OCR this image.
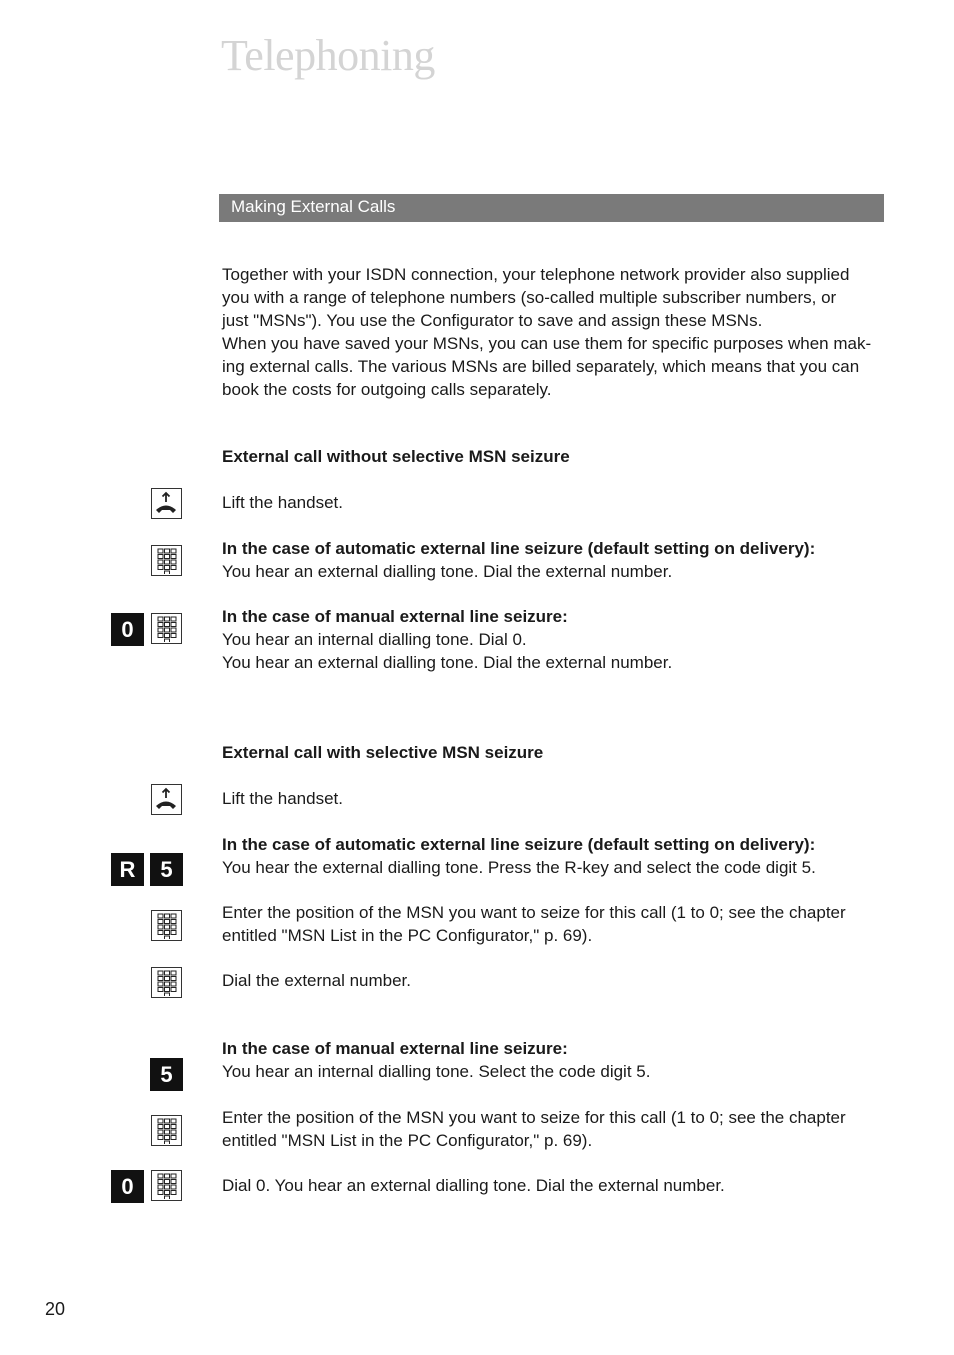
Telephoning
Making External Calls
Together with your ISDN connection, your telephone network provider also supplied
you with a range of telephone numbers (so-called multiple subscriber numbers, or
just "MSNs"). You use the Configurator to save and assign these MSNs.
When you have saved your MSNs, you can use them for specific purposes when mak-
ing external calls. The various MSNs are billed separately, which means that you can
book the costs for outgoing calls separately.
External call without selective MSN seizure
Lift the handset.
In the case of automatic external line seizure (default setting on delivery):
You hear an external dialling tone. Dial the external number.
0
In the case of manual external line seizure:
You hear an internal dialling tone. Dial 0.
You hear an external dialling tone. Dial the external number.
External call with selective MSN seizure
Lift the handset.
R	5
In the case of automatic external line seizure (default setting on delivery):
You hear the external dialling tone. Press the R-key and select the code digit 5.
Enter the position of the MSN you want to seize for this call (1 to 0; see the chapter
entitled "MSN List in the PC Configurator," p. 69).
Dial the external number.
5
In the case of manual external line seizure:
You hear an internal dialling tone. Select the code digit 5.
Enter the position of the MSN you want to seize for this call (1 to 0; see the chapter
entitled "MSN List in the PC Configurator," p. 69).
0	Dial 0. You hear an external dialling tone. Dial the external number.
20
